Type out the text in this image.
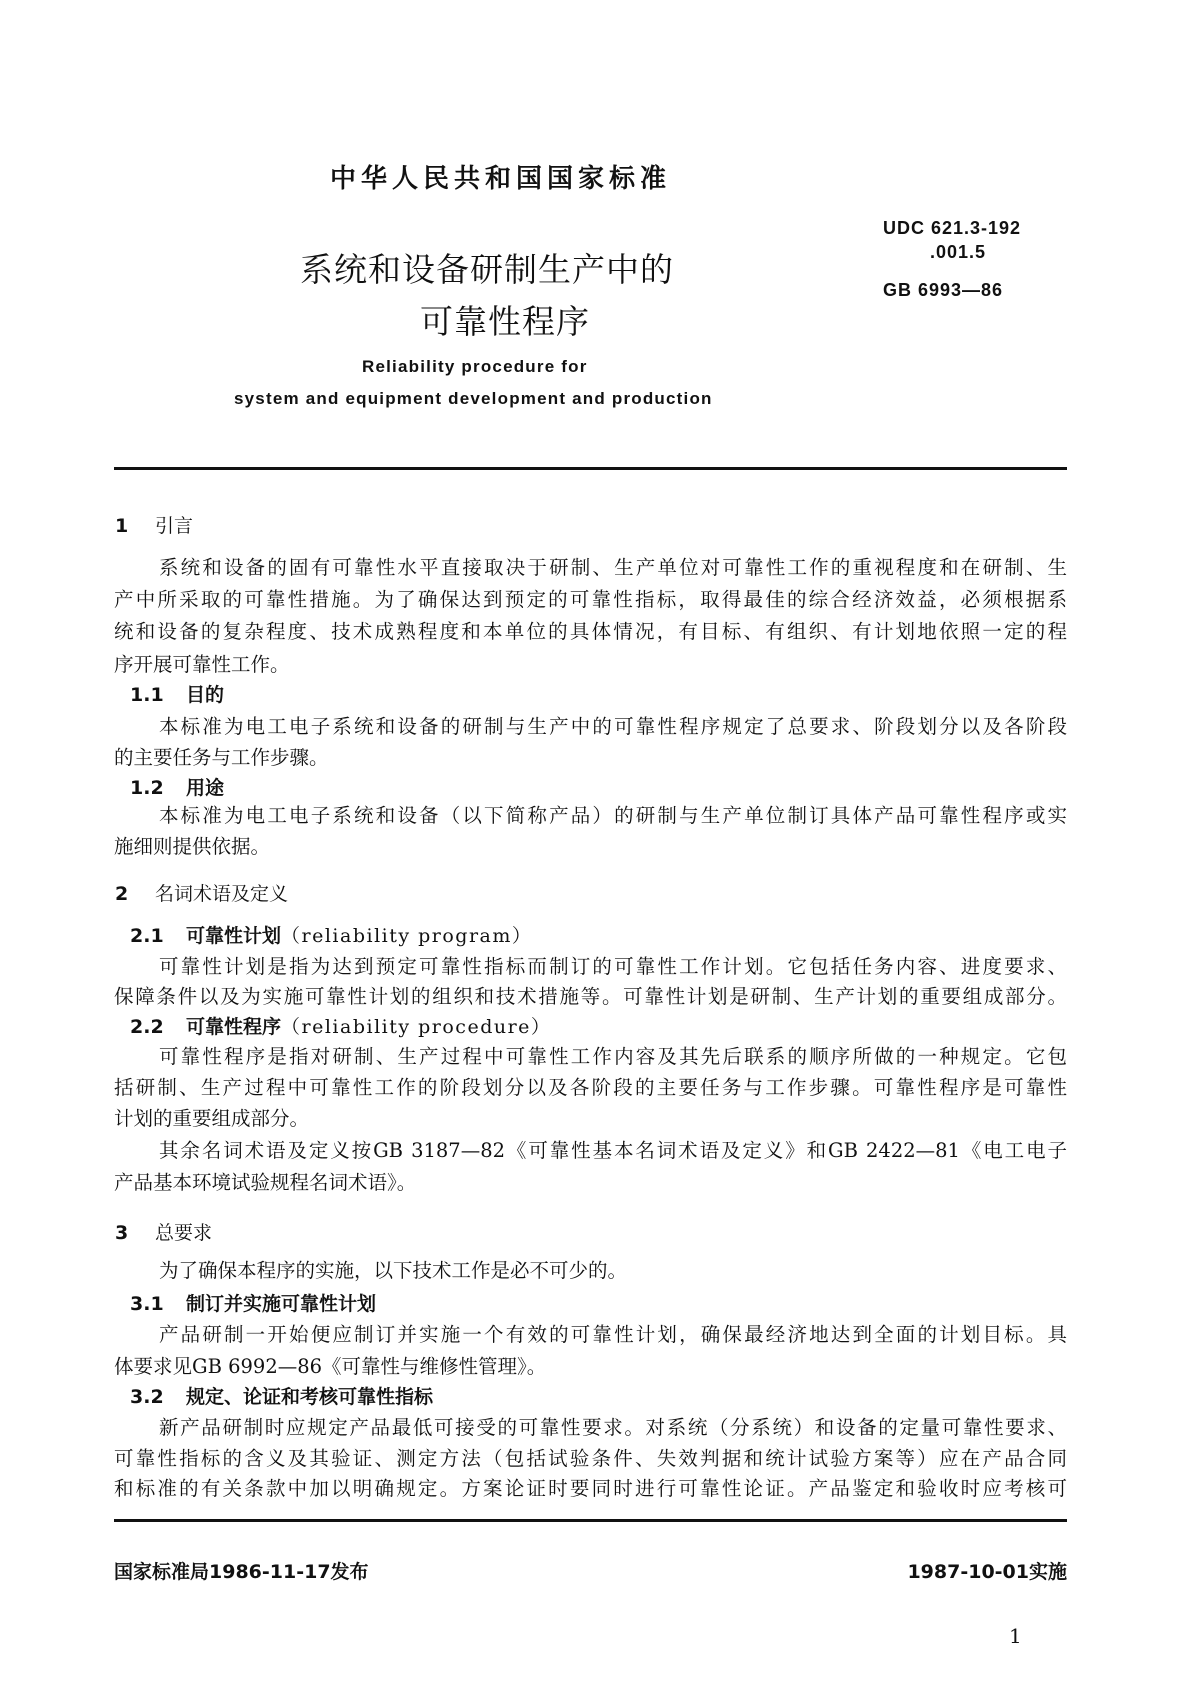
中华人民共和国国家标准
系统和设备研制生产中的
可靠性程序
UDC 621.3-192
.001.5
GB 6993—86
Reliability procedure for
system and equipment development and production
1 引言
系统和设备的固有可靠性水平直接取决于研制、生产单位对可靠性工作的重视程度和在研制、生
产中所采取的可靠性措施。为了确保达到预定的可靠性指标，取得最佳的综合经济效益，必须根据系
统和设备的复杂程度、技术成熟程度和本单位的具体情况，有目标、有组织、有计划地依照一定的程
序开展可靠性工作。
1.1 目的
本标准为电工电子系统和设备的研制与生产中的可靠性程序规定了总要求、阶段划分以及各阶段
的主要任务与工作步骤。
1.2 用途
本标准为电工电子系统和设备（以下简称产品）的研制与生产单位制订具体产品可靠性程序或实
施细则提供依据。
2 名词术语及定义
2.1 可靠性计划（reliability program）
可靠性计划是指为达到预定可靠性指标而制订的可靠性工作计划。它包括任务内容、进度要求、
保障条件以及为实施可靠性计划的组织和技术措施等。可靠性计划是研制、生产计划的重要组成部分。
2.2 可靠性程序（reliability procedure）
可靠性程序是指对研制、生产过程中可靠性工作内容及其先后联系的顺序所做的一种规定。它包
括研制、生产过程中可靠性工作的阶段划分以及各阶段的主要任务与工作步骤。可靠性程序是可靠性
计划的重要组成部分。
其余名词术语及定义按GB 3187—82《可靠性基本名词术语及定义》和GB 2422—81《电工电子
产品基本环境试验规程名词术语》。
3 总要求
为了确保本程序的实施，以下技术工作是必不可少的。
3.1 制订并实施可靠性计划
产品研制一开始便应制订并实施一个有效的可靠性计划，确保最经济地达到全面的计划目标。具
体要求见GB 6992—86《可靠性与维修性管理》。
3.2 规定、论证和考核可靠性指标
新产品研制时应规定产品最低可接受的可靠性要求。对系统（分系统）和设备的定量可靠性要求、
可靠性指标的含义及其验证、测定方法（包括试验条件、失效判据和统计试验方案等）应在产品合同
和标准的有关条款中加以明确规定。方案论证时要同时进行可靠性论证。产品鉴定和验收时应考核可
国家标准局1986-11-17发布	1987-10-01实施
1
